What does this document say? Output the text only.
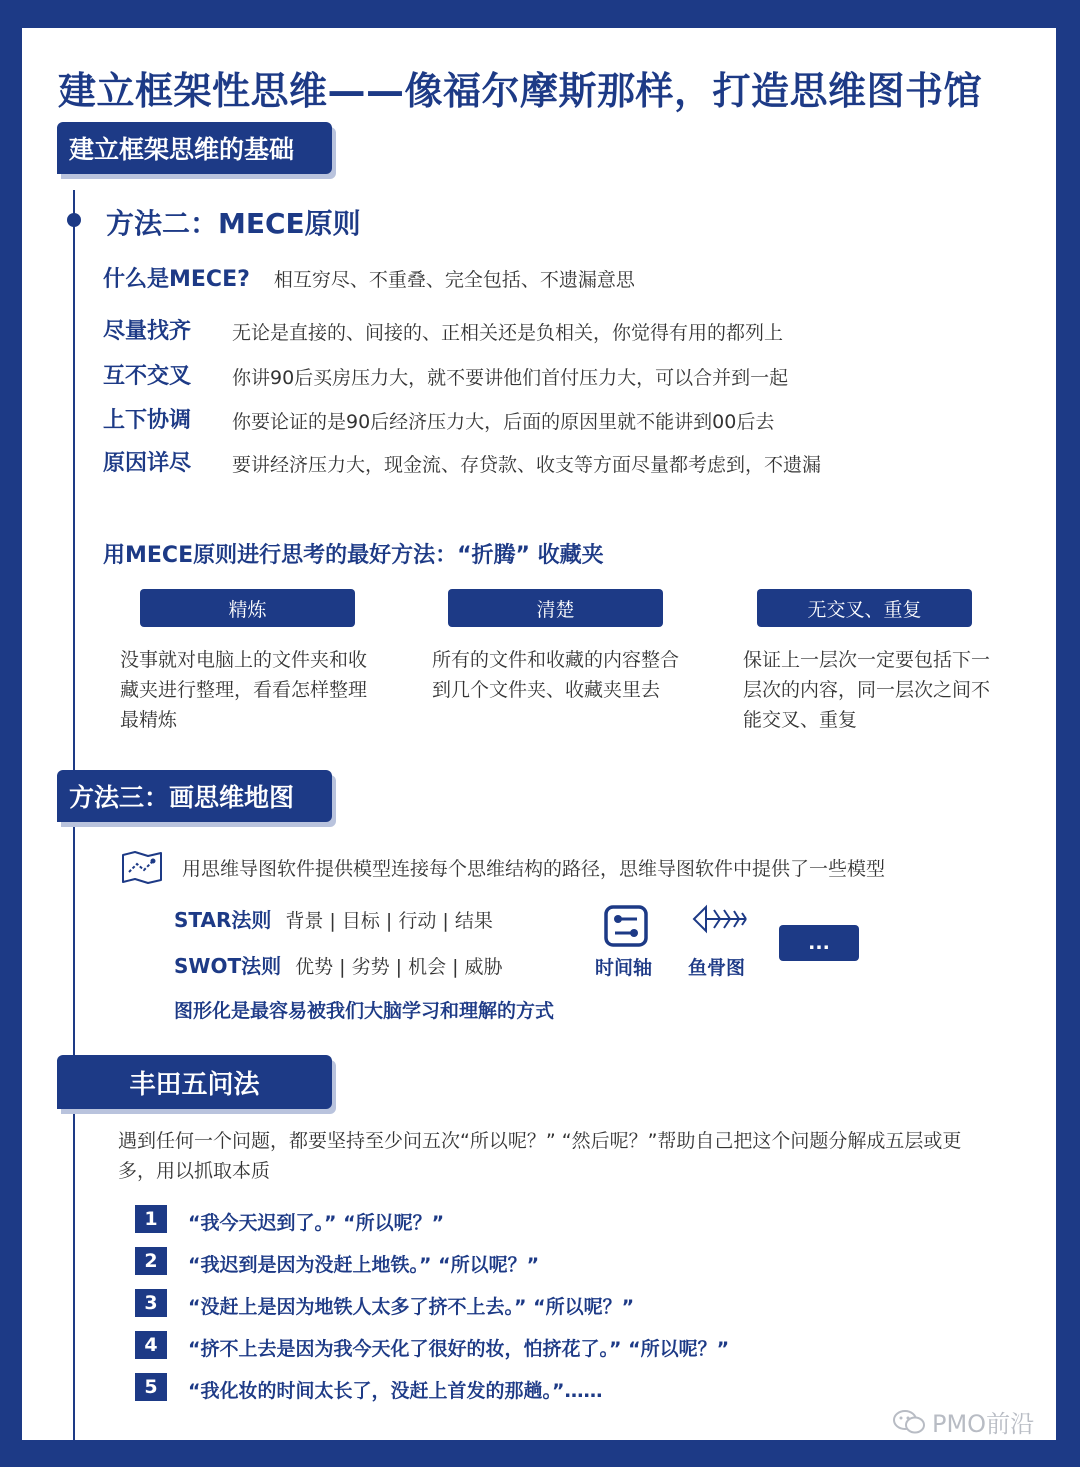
建立框架性思维——像福尔摩斯那样，打造思维图书馆
建立框架思维的基础
方法二：MECE原则
什么是MECE? 相互穷尽、不重叠、完全包括、不遗漏意思
尽量找齐 无论是直接的、间接的、正相关还是负相关，你觉得有用的都列上
互不交叉 你讲90后买房压力大，就不要讲他们首付压力大，可以合并到一起
上下协调 你要论证的是90后经济压力大，后面的原因里就不能讲到00后去
原因详尽 要讲经济压力大，现金流、存贷款、收支等方面尽量都考虑到，不遗漏
用MECE原则进行思考的最好方法：“折腾” 收藏夹
精炼	清楚	无交叉、重复
没事就对电脑上的文件夹和收藏夹进行整理，看看怎样整理最精炼
所有的文件和收藏的内容整合到几个文件夹、收藏夹里去
保证上一层次一定要包括下一层次的内容，同一层次之间不能交叉、重复
方法三：画思维地图
用思维导图软件提供模型连接每个思维结构的路径，思维导图软件中提供了一些模型
STAR法则 背景 | 目标 | 行动 | 结果
SWOT法则 优势 | 劣势 | 机会 | 威胁
图形化是最容易被我们大脑学习和理解的方式
时间轴 鱼骨图
...
丰田五问法
遇到任何一个问题，都要坚持至少问五次“所以呢？” “然后呢？”帮助自己把这个问题分解成五层或更多，用以抓取本质
1	“我今天迟到了。” “所以呢？”
2	“我迟到是因为没赶上地铁。” “所以呢？”
3	“没赶上是因为地铁人太多了挤不上去。” “所以呢？”
4	“挤不上去是因为我今天化了很好的妆，怕挤花了。” “所以呢？”
5	“我化妆的时间太长了，没赶上首发的那趟。”……
PMO前沿
